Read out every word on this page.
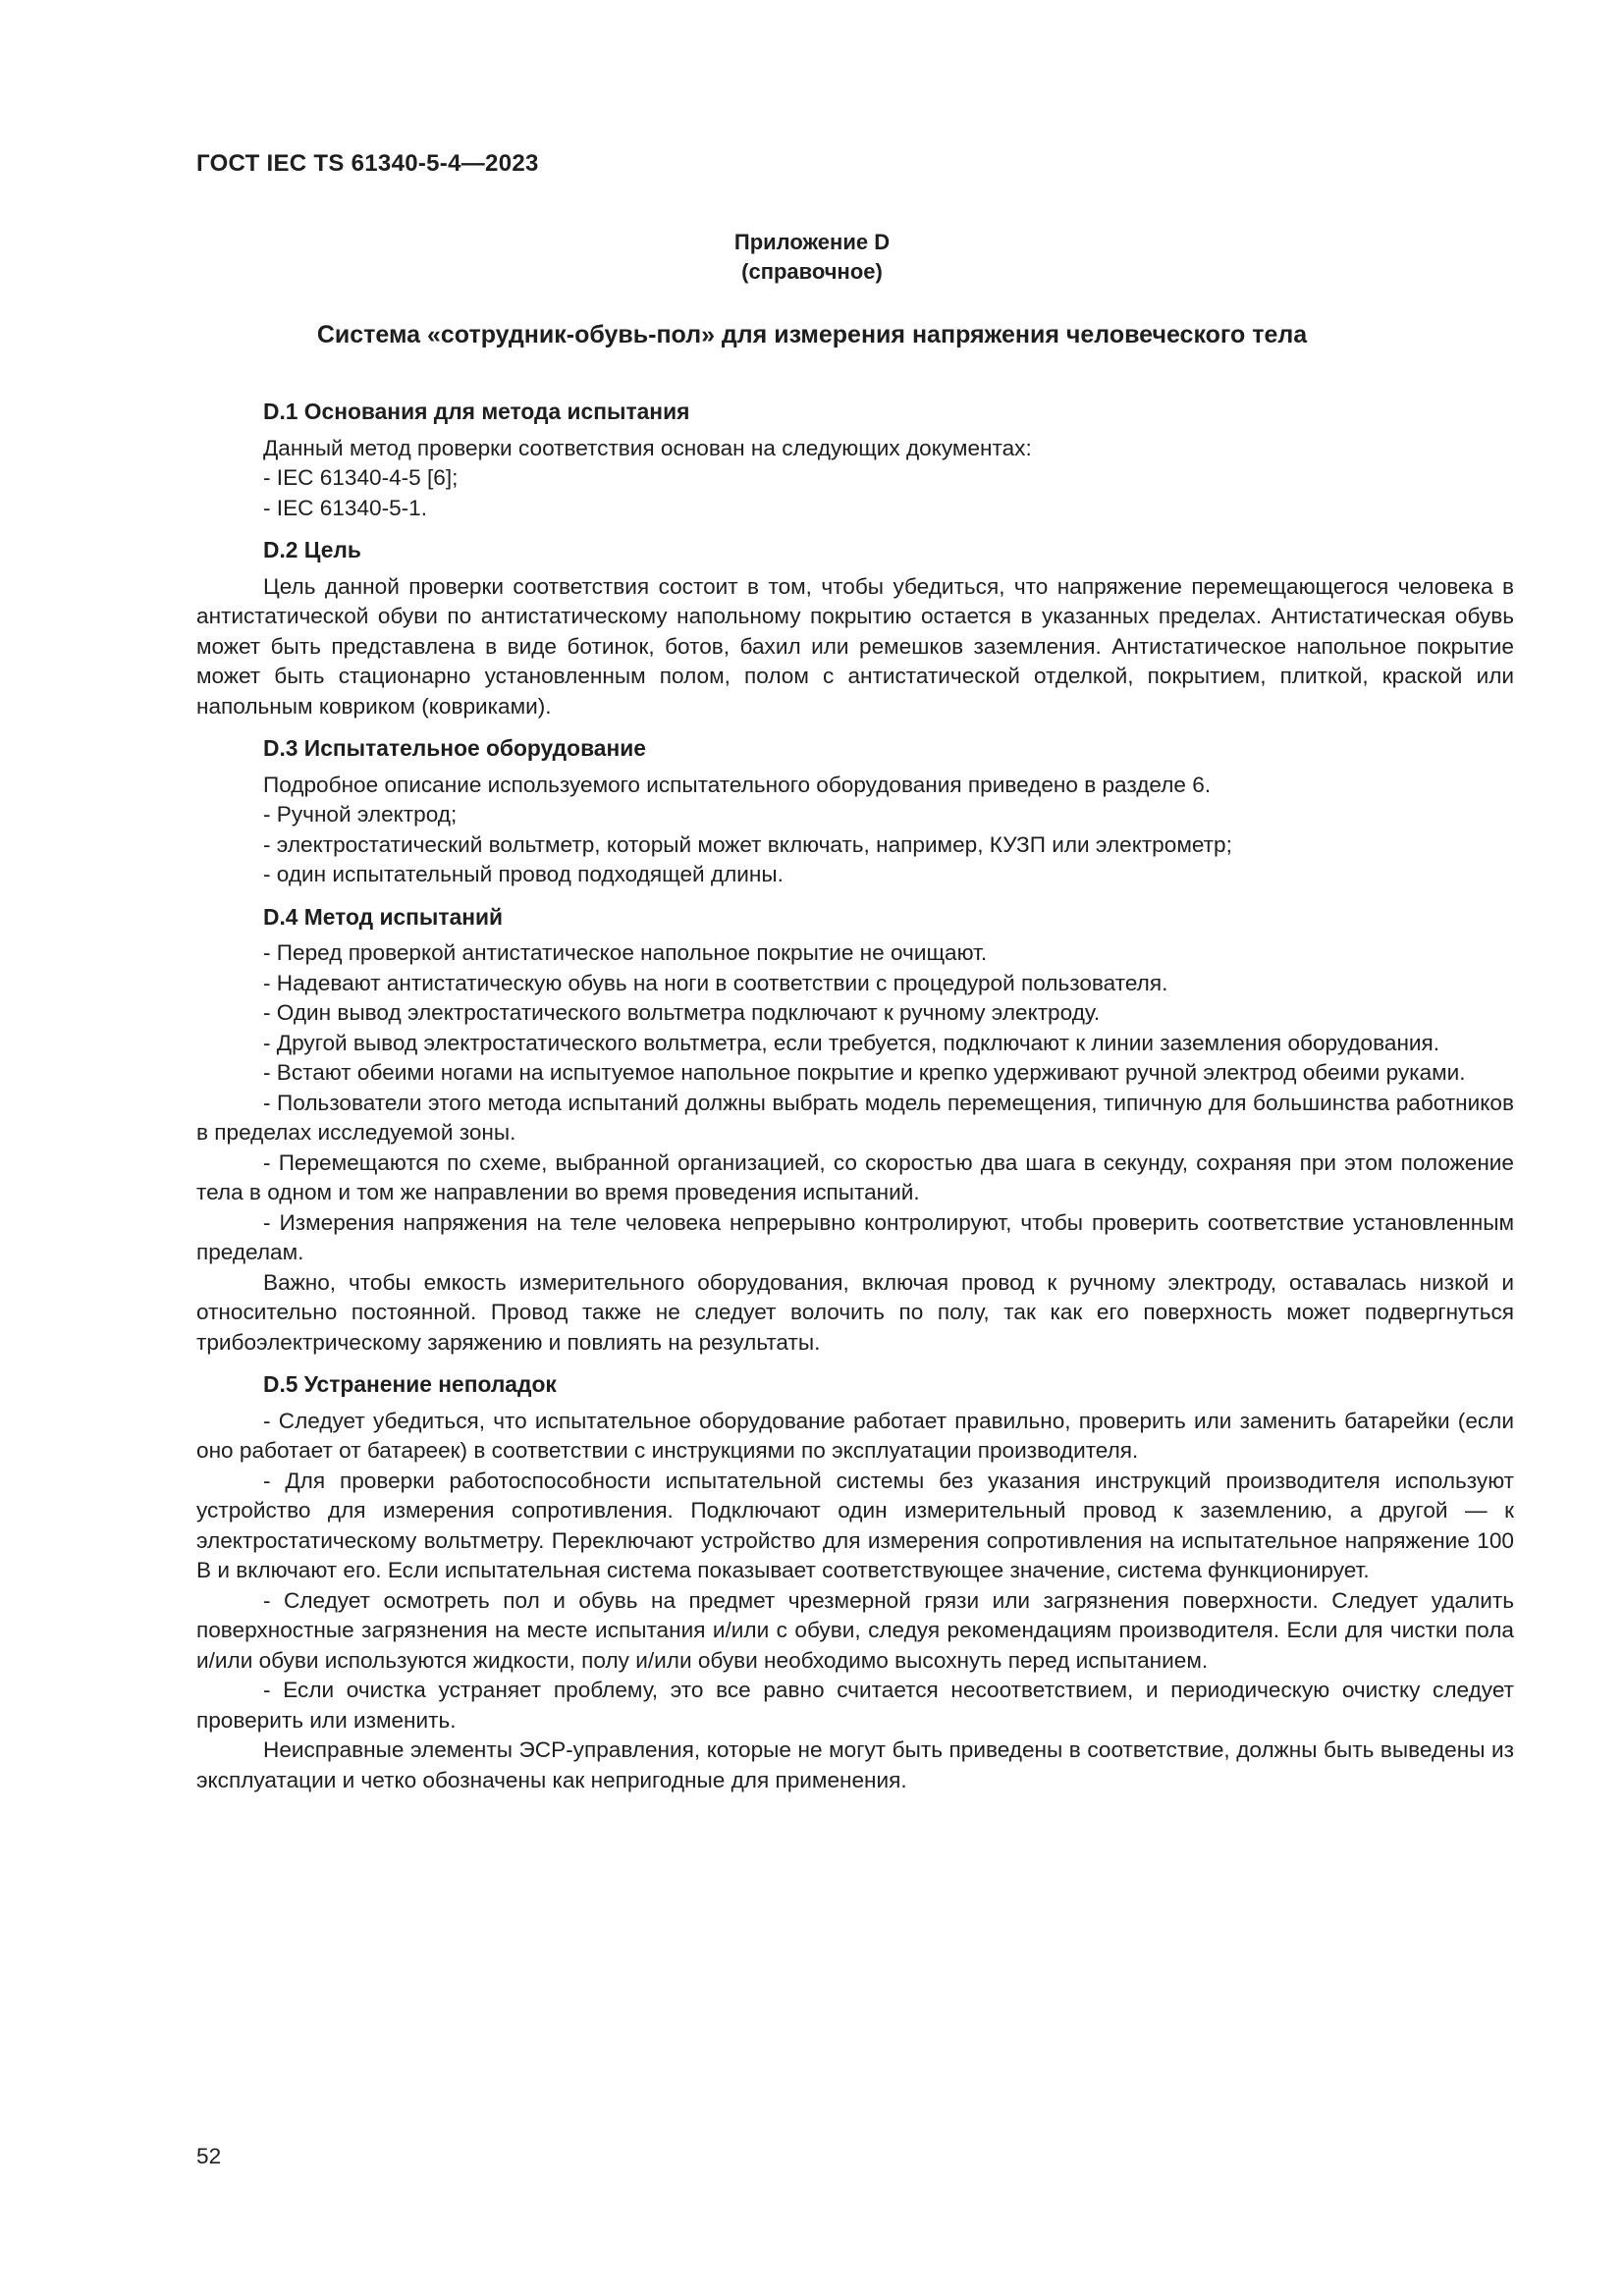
ГОСТ IEC TS 61340-5-4—2023
Приложение D
(справочное)
Система «сотрудник-обувь-пол» для измерения напряжения человеческого тела
D.1 Основания для метода испытания

Данный метод проверки соответствия основан на следующих документах:

- IEC 61340-4-5 [6];

- IEC 61340-5-1.

D.2 Цель

Цель данной проверки соответствия состоит в том, чтобы убедиться, что напряжение перемещающегося человека в антистатической обуви по антистатическому напольному покрытию остается в указанных пределах. Антистатическая обувь может быть представлена в виде ботинок, ботов, бахил или ремешков заземления. Антистатическое напольное покрытие может быть стационарно установленным полом, полом с антистатической отделкой, покрытием, плиткой, краской или напольным ковриком (ковриками).

D.3 Испытательное оборудование

Подробное описание используемого испытательного оборудования приведено в разделе 6.

- Ручной электрод;

- электростатический вольтметр, который может включать, например, КУЗП или электрометр;

- один испытательный провод подходящей длины.

D.4 Метод испытаний

- Перед проверкой антистатическое напольное покрытие не очищают.

- Надевают антистатическую обувь на ноги в соответствии с процедурой пользователя.

- Один вывод электростатического вольтметра подключают к ручному электроду.

- Другой вывод электростатического вольтметра, если требуется, подключают к линии заземления оборудования.

- Встают обеими ногами на испытуемое напольное покрытие и крепко удерживают ручной электрод обеими руками.

- Пользователи этого метода испытаний должны выбрать модель перемещения, типичную для большинства работников в пределах исследуемой зоны.

- Перемещаются по схеме, выбранной организацией, со скоростью два шага в секунду, сохраняя при этом положение тела в одном и том же направлении во время проведения испытаний.

- Измерения напряжения на теле человека непрерывно контролируют, чтобы проверить соответствие установленным пределам.

Важно, чтобы емкость измерительного оборудования, включая провод к ручному электроду, оставалась низкой и относительно постоянной. Провод также не следует волочить по полу, так как его поверхность может подвергнуться трибоэлектрическому заряжению и повлиять на результаты.

D.5 Устранение неполадок

- Следует убедиться, что испытательное оборудование работает правильно, проверить или заменить батарейки (если оно работает от батареек) в соответствии с инструкциями по эксплуатации производителя.

- Для проверки работоспособности испытательной системы без указания инструкций производителя используют устройство для измерения сопротивления. Подключают один измерительный провод к заземлению, а другой — к электростатическому вольтметру. Переключают устройство для измерения сопротивления на испытательное напряжение 100 В и включают его. Если испытательная система показывает соответствующее значение, система функционирует.

- Следует осмотреть пол и обувь на предмет чрезмерной грязи или загрязнения поверхности. Следует удалить поверхностные загрязнения на месте испытания и/или с обуви, следуя рекомендациям производителя. Если для чистки пола и/или обуви используются жидкости, полу и/или обуви необходимо высохнуть перед испытанием.

- Если очистка устраняет проблему, это все равно считается несоответствием, и периодическую очистку следует проверить или изменить.

Неисправные элементы ЭСР-управления, которые не могут быть приведены в соответствие, должны быть выведены из эксплуатации и четко обозначены как непригодные для применения.

52
